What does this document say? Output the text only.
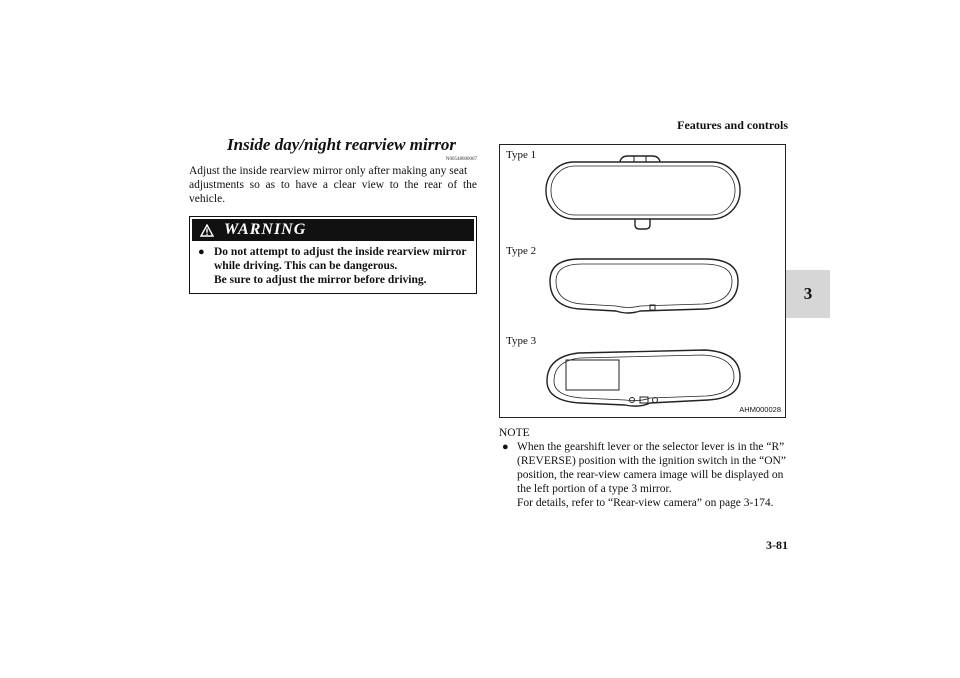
Features and controls
3
3-81
Inside day/night rearview mirror
N00548600067
Adjust the inside rearview mirror only after making any seat
adjustments so as to have a clear view to the rear of the vehicle.
WARNING
● Do not attempt to adjust the inside rearview mirror
while driving. This can be dangerous.
Be sure to adjust the mirror before driving.
Type 1
Type 2
Type 3
AHM000028
NOTE
● When the gearshift lever or the selector lever is in the “R”
(REVERSE) position with the ignition switch in the “ON”
position, the rear-view camera image will be displayed on
the left portion of a type 3 mirror.
For details, refer to “Rear-view camera” on page 3-174.
